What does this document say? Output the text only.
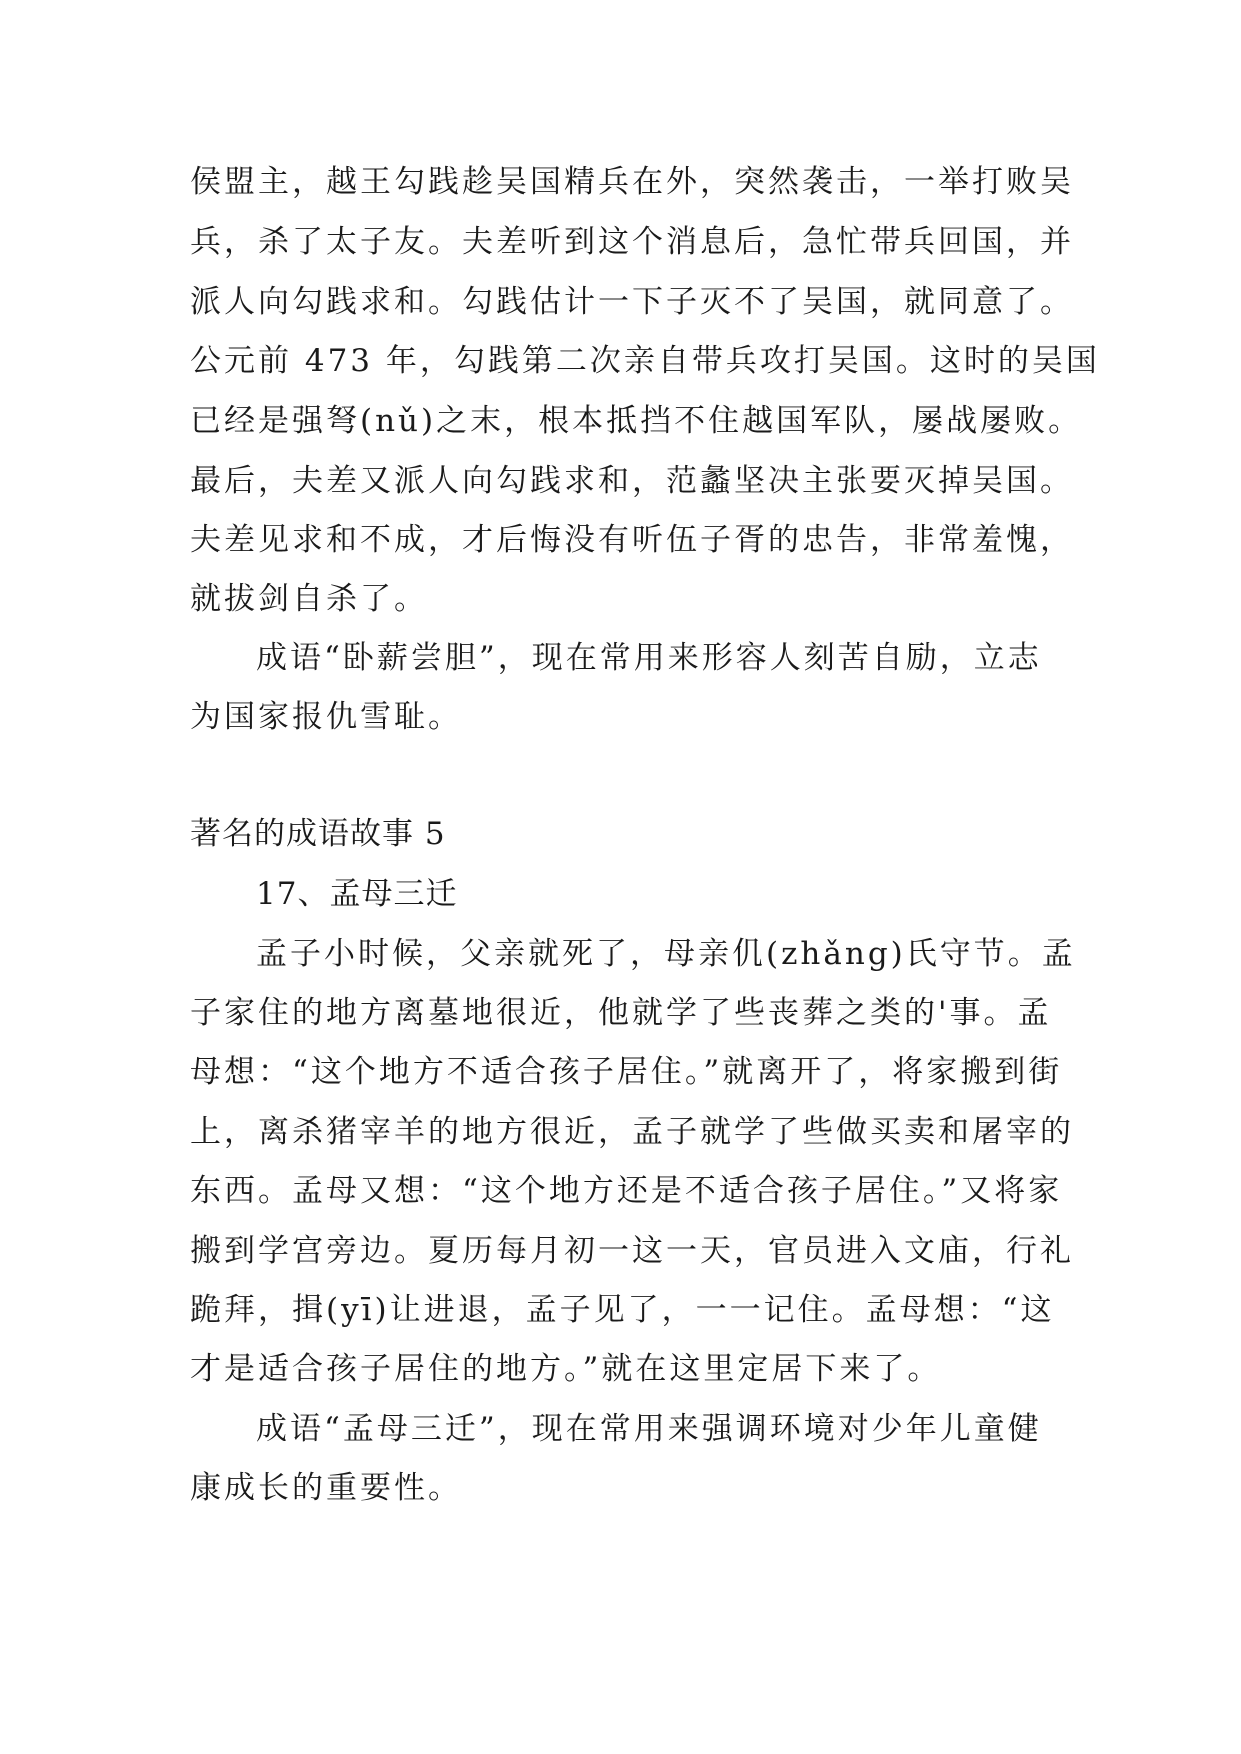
侯盟主，越王勾践趁吴国精兵在外，突然袭击，一举打败吴
兵，杀了太子友。夫差听到这个消息后，急忙带兵回国，并
派人向勾践求和。勾践估计一下子灭不了吴国，就同意了。
公元前 473 年，勾践第二次亲自带兵攻打吴国。这时的吴国
已经是强弩(nǔ)之末，根本抵挡不住越国军队，屡战屡败。
最后，夫差又派人向勾践求和，范蠡坚决主张要灭掉吴国。
夫差见求和不成，才后悔没有听伍子胥的忠告，非常羞愧，
就拔剑自杀了。
成语“卧薪尝胆”，现在常用来形容人刻苦自励，立志
为国家报仇雪耻。
著名的成语故事 5
17、孟母三迁
孟子小时候，父亲就死了，母亲仉(zhǎng)氏守节。孟
子家住的地方离墓地很近，他就学了些丧葬之类的'事。孟
母想：“这个地方不适合孩子居住。”就离开了，将家搬到街
上，离杀猪宰羊的地方很近，孟子就学了些做买卖和屠宰的
东西。孟母又想：“这个地方还是不适合孩子居住。”又将家
搬到学宫旁边。夏历每月初一这一天，官员进入文庙，行礼
跪拜，揖(yī)让进退，孟子见了，一一记住。孟母想：“这
才是适合孩子居住的地方。”就在这里定居下来了。
成语“孟母三迁”，现在常用来强调环境对少年儿童健
康成长的重要性。
